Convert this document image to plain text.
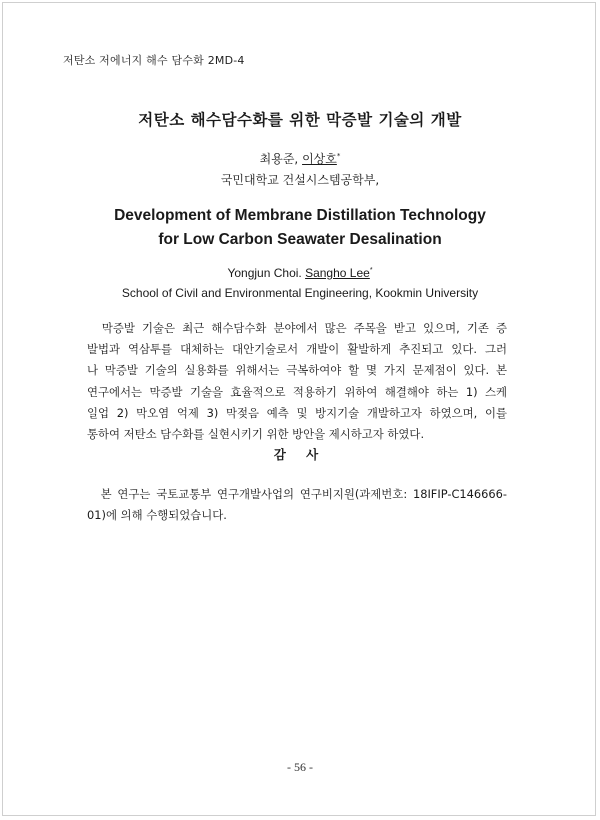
저탄소 저에너지 해수 담수화 2MD-4
저탄소 해수담수화를 위한 막증발 기술의 개발
최용준, 이상호*
국민대학교 건설시스템공학부,
Development of Membrane Distillation Technology
for Low Carbon Seawater Desalination
Yongjun Choi. Sangho Lee*
School of Civil and Environmental Engineering, Kookmin University
　막증발 기술은 최근 해수담수화 분야에서 많은 주목을 받고 있으며, 기존 증
발법과 역삼투를 대체하는 대안기술로서 개발이 활발하게 추진되고 있다. 그러
나 막증발 기술의 실용화를 위해서는 극복하여야 할 몇 가지 문제점이 있다. 본
연구에서는 막증발 기술을 효율적으로 적용하기 위하여 해결해야 하는 1) 스케
일업 2) 막오염 억제 3) 막젖음 예측 및 방지기술 개발하고자 하였으며, 이를
통하여 저탄소 담수화를 실현시키기 위한 방안을 제시하고자 하였다.
감 사
　본 연구는 국토교통부 연구개발사업의 연구비지원(과제번호: 18IFIP-C146666-
01)에 의해 수행되었습니다.
- 56 -
